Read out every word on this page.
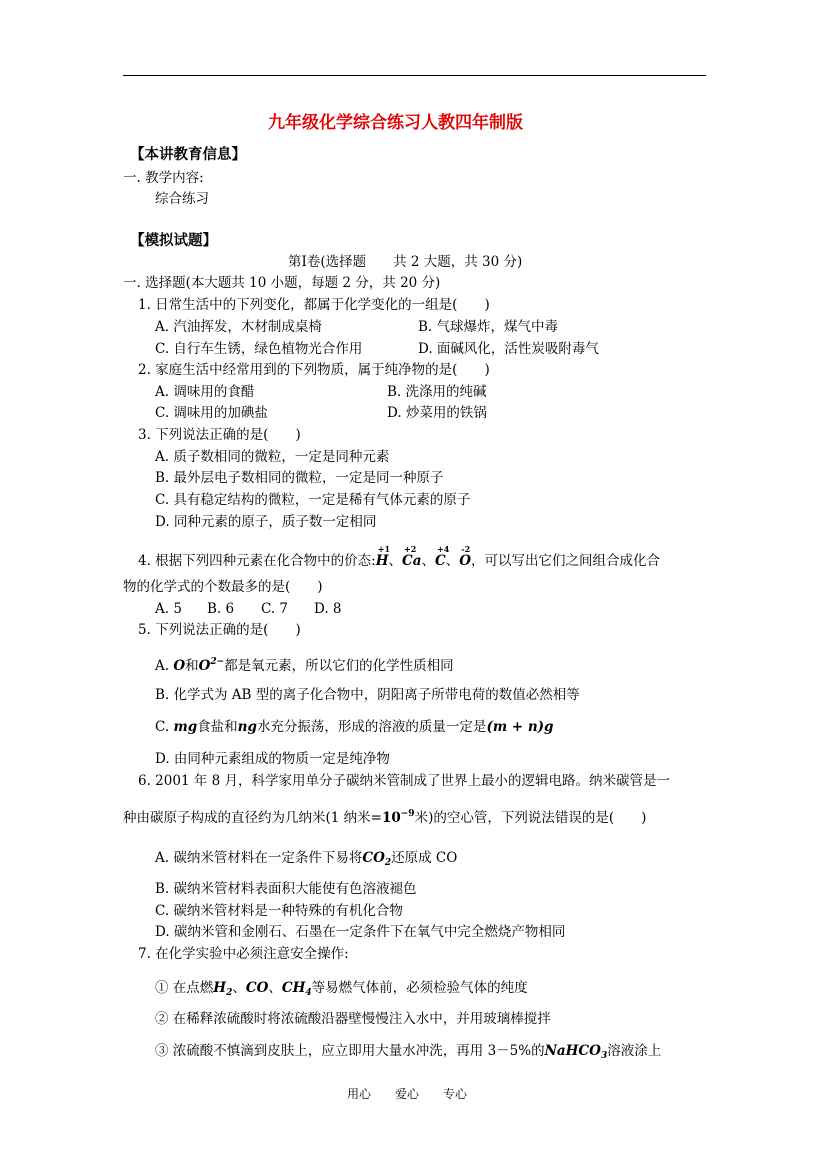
九年级化学综合练习人教四年制版
【本讲教育信息】
一. 教学内容:
综合练习
【模拟试题】
第Ⅰ卷(选择题　　共 2 大题，共 30 分)
一. 选择题(本大题共 10 小题，每题 2 分，共 20 分)
1. 日常生活中的下列变化，都属于化学变化的一组是(　　)
A. 汽油挥发，木材制成桌椅	B. 气球爆炸，煤气中毒
C. 自行车生锈，绿色植物光合作用	D. 面碱风化，活性炭吸附毒气
2. 家庭生活中经常用到的下列物质，属于纯净物的是(　　)
A. 调味用的食醋	B. 洗涤用的纯碱
C. 调味用的加碘盐	D. 炒菜用的铁锅
3. 下列说法正确的是(　　)
A. 质子数相同的微粒，一定是同种元素
B. 最外层电子数相同的微粒，一定是同一种原子
C. 具有稳定结构的微粒，一定是稀有气体元素的原子
D. 同种元素的原子，质子数一定相同
4. 根据下列四种元素在化合物中的价态:
+1
H、
+2
Ca、
+4
C、
-2
O，可以写出它们之间组合成化合
物的化学式的个数最多的是(　　)
A. 5 B. 6 C. 7 D. 8
5. 下列说法正确的是(　　)
A. O和$O^{2-}$都是氧元素，所以它们的化学性质相同
B. 化学式为 AB 型的离子化合物中，阴阳离子所带电荷的数值必然相等
C. mg食盐和ng水充分振荡，形成的溶液的质量一定是(m + n)g
D. 由同种元素组成的物质一定是纯净物
6. 2001 年 8 月，科学家用单分子碳纳米管制成了世界上最小的逻辑电路。纳米碳管是一
种由碳原子构成的直径约为几纳米(1 纳米$=10^{-9}$米)的空心管，下列说法错误的是(　　)
A. 碳纳米管材料在一定条件下易将$CO_2$还原成 CO
B. 碳纳米管材料表面积大能使有色溶液褪色
C. 碳纳米管材料是一种特殊的有机化合物
D. 碳纳米管和金刚石、石墨在一定条件下在氧气中完全燃烧产物相同
7. 在化学实验中必须注意安全操作:
① 在点燃$H_2$、CO、$CH_4$等易燃气体前，必须检验气体的纯度
② 在稀释浓硫酸时将浓硫酸沿器壁慢慢注入水中，并用玻璃棒搅拌
③ 浓硫酸不慎滴到皮肤上，应立即用大量水冲洗，再用 3－5%的NaHCO$_3$溶液涂上
用心　　爱心　　专心
